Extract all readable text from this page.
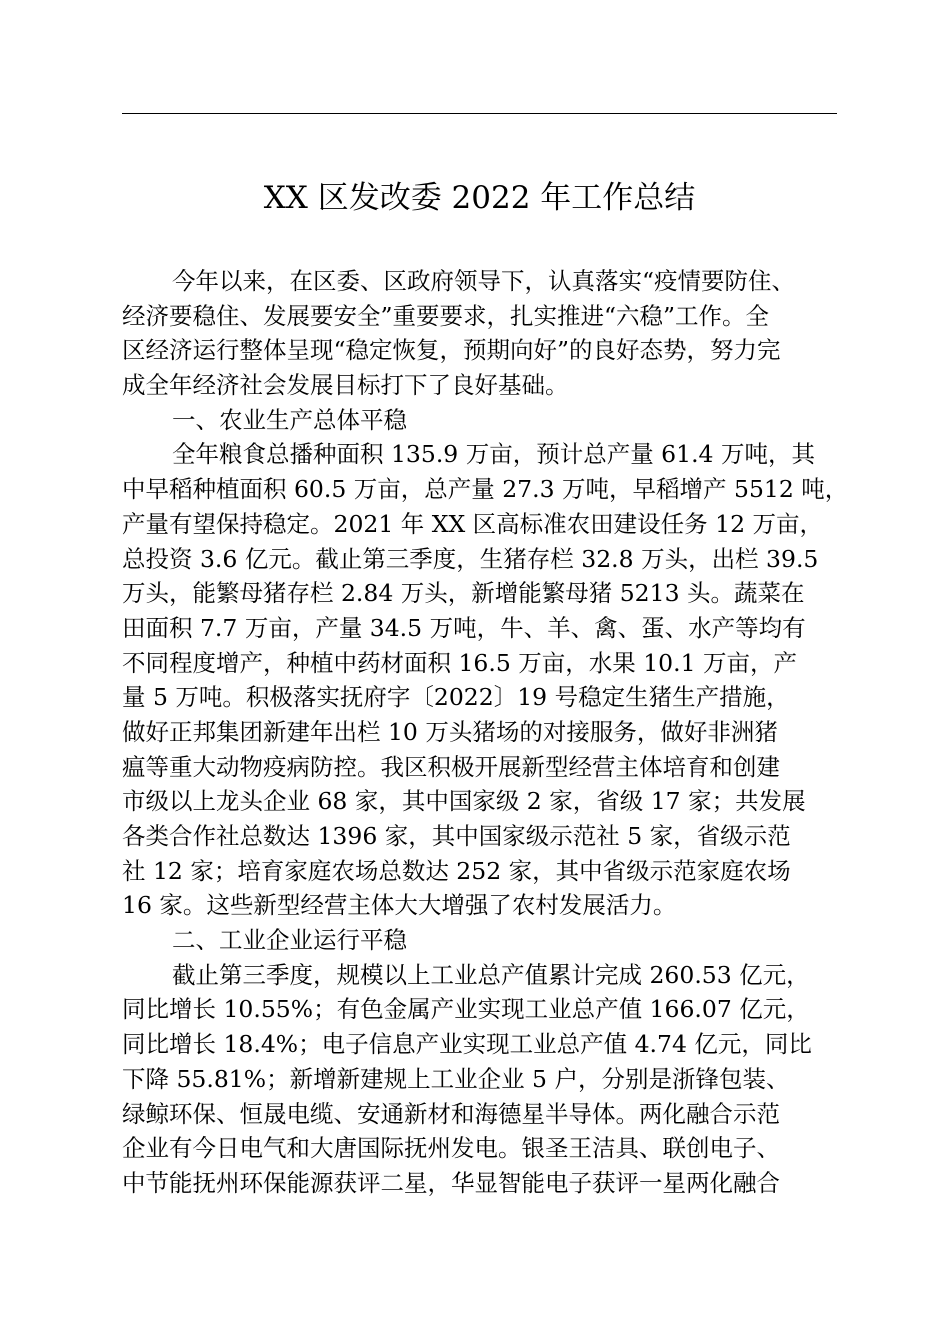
XX 区发改委 2022 年工作总结
今年以来，在区委、区政府领导下，认真落实“疫情要防住、
经济要稳住、发展要安全”重要要求，扎实推进“六稳”工作。全
区经济运行整体呈现“稳定恢复，预期向好”的良好态势，努力完
成全年经济社会发展目标打下了良好基础。
一、农业生产总体平稳
全年粮食总播种面积 135.9 万亩，预计总产量 61.4 万吨，其
中早稻种植面积 60.5 万亩，总产量 27.3 万吨，早稻增产 5512 吨，
产量有望保持稳定。2021 年 XX 区高标准农田建设任务 12 万亩，
总投资 3.6 亿元。截止第三季度，生猪存栏 32.8 万头，出栏 39.5
万头，能繁母猪存栏 2.84 万头，新增能繁母猪 5213 头。蔬菜在
田面积 7.7 万亩，产量 34.5 万吨，牛、羊、禽、蛋、水产等均有
不同程度增产，种植中药材面积 16.5 万亩，水果 10.1 万亩，产
量 5 万吨。积极落实抚府字〔2022〕19 号稳定生猪生产措施，
做好正邦集团新建年出栏 10 万头猪场的对接服务，做好非洲猪
瘟等重大动物疫病防控。我区积极开展新型经营主体培育和创建
市级以上龙头企业 68 家，其中国家级 2 家，省级 17 家；共发展
各类合作社总数达 1396 家，其中国家级示范社 5 家，省级示范
社 12 家；培育家庭农场总数达 252 家，其中省级示范家庭农场
16 家。这些新型经营主体大大增强了农村发展活力。
二、工业企业运行平稳
截止第三季度，规模以上工业总产值累计完成 260.53 亿元，
同比增长 10.55%；有色金属产业实现工业总产值 166.07 亿元，
同比增长 18.4%；电子信息产业实现工业总产值 4.74 亿元，同比
下降 55.81%；新增新建规上工业企业 5 户，分别是浙锋包装、
绿鲸环保、恒晟电缆、安通新材和海德星半导体。两化融合示范
企业有今日电气和大唐国际抚州发电。银圣王洁具、联创电子、
中节能抚州环保能源获评二星，华显智能电子获评一星两化融合
